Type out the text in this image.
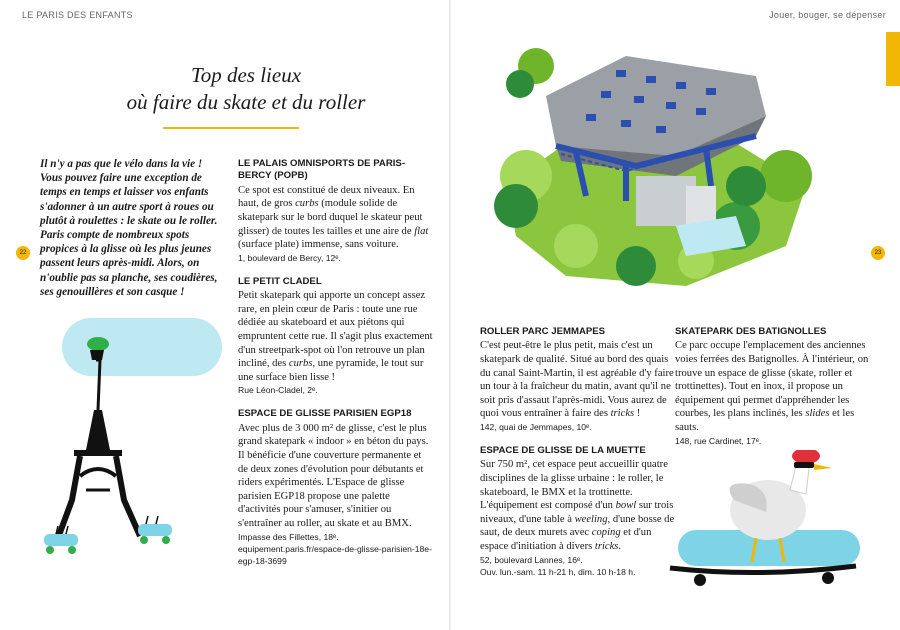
LE PARIS DES ENFANTS	Jouer, bouger, se dépenser
22	23
Top des lieux
où faire du skate et du roller
Il n'y a pas que le vélo dans la vie ! Vous pouvez faire une exception de temps en temps et laisser vos enfants s'adonner à un autre sport à roues ou plutôt à roulettes : le skate ou le roller. Paris compte de nombreux spots propices à la glisse où les plus jeunes passent leurs après-midi. Alors, on n'oublie pas sa planche, ses coudières, ses genouillères et son casque !
LE PALAIS OMNISPORTS DE PARIS-BERCY (POPB)
Ce spot est constitué de deux niveaux. En haut, de gros curbs (module solide de skatepark sur le bord duquel le skateur peut glisser) de toutes les tailles et une aire de flat (surface plate) immense, sans voiture.
1, boulevard de Bercy, 12ᵉ.
LE PETIT CLADEL
Petit skatepark qui apporte un concept assez rare, en plein cœur de Paris : toute une rue dédiée au skateboard et aux piétons qui empruntent cette rue. Il s'agit plus exactement d'un streetpark-spot où l'on retrouve un plan incliné, des curbs, une pyramide, le tout sur une surface bien lisse !
Rue Léon-Cladel, 2ᵉ.
ESPACE DE GLISSE PARISIEN EGP18
Avec plus de 3 000 m² de glisse, c'est le plus grand skatepark « indoor » en béton du pays. Il bénéficie d'une couverture permanente et de deux zones d'évolution pour débutants et riders expérimentés. L'Espace de glisse parisien EGP18 propose une palette d'activités pour s'amuser, s'initier ou s'entraîner au roller, au skate et au BMX.
Impasse des Fillettes, 18ᵉ.
equipement.paris.fr/espace-de-glisse-parisien-18e-egp-18-3699
ROLLER PARC JEMMAPES
C'est peut-être le plus petit, mais c'est un skatepark de qualité. Situé au bord des quais du canal Saint-Martin, il est agréable d'y faire un tour à la fraîcheur du matin, avant qu'il ne soit pris d'assaut l'après-midi. Vous aurez de quoi vous entraîner à faire des tricks !
142, quai de Jemmapes, 10ᵉ.
ESPACE DE GLISSE DE LA MUETTE
Sur 750 m², cet espace peut accueillir quatre disciplines de la glisse urbaine : le roller, le skateboard, le BMX et la trottinette. L'équipement est composé d'un bowl sur trois niveaux, d'une table à weeling, d'une bosse de saut, de deux murets avec coping et d'un espace d'initiation à divers tricks.
52, boulevard Lannes, 16ᵉ.
Ouv. lun.-sam. 11 h-21 h, dim. 10 h-18 h.
SKATEPARK DES BATIGNOLLES
Ce parc occupe l'emplacement des anciennes voies ferrées des Batignolles. À l'intérieur, on trouve un espace de glisse (skate, roller et trottinettes). Tout en inox, il propose un équipement qui permet d'appréhender les courbes, les plans inclinés, les slides et les sauts.
148, rue Cardinet, 17ᵉ.
